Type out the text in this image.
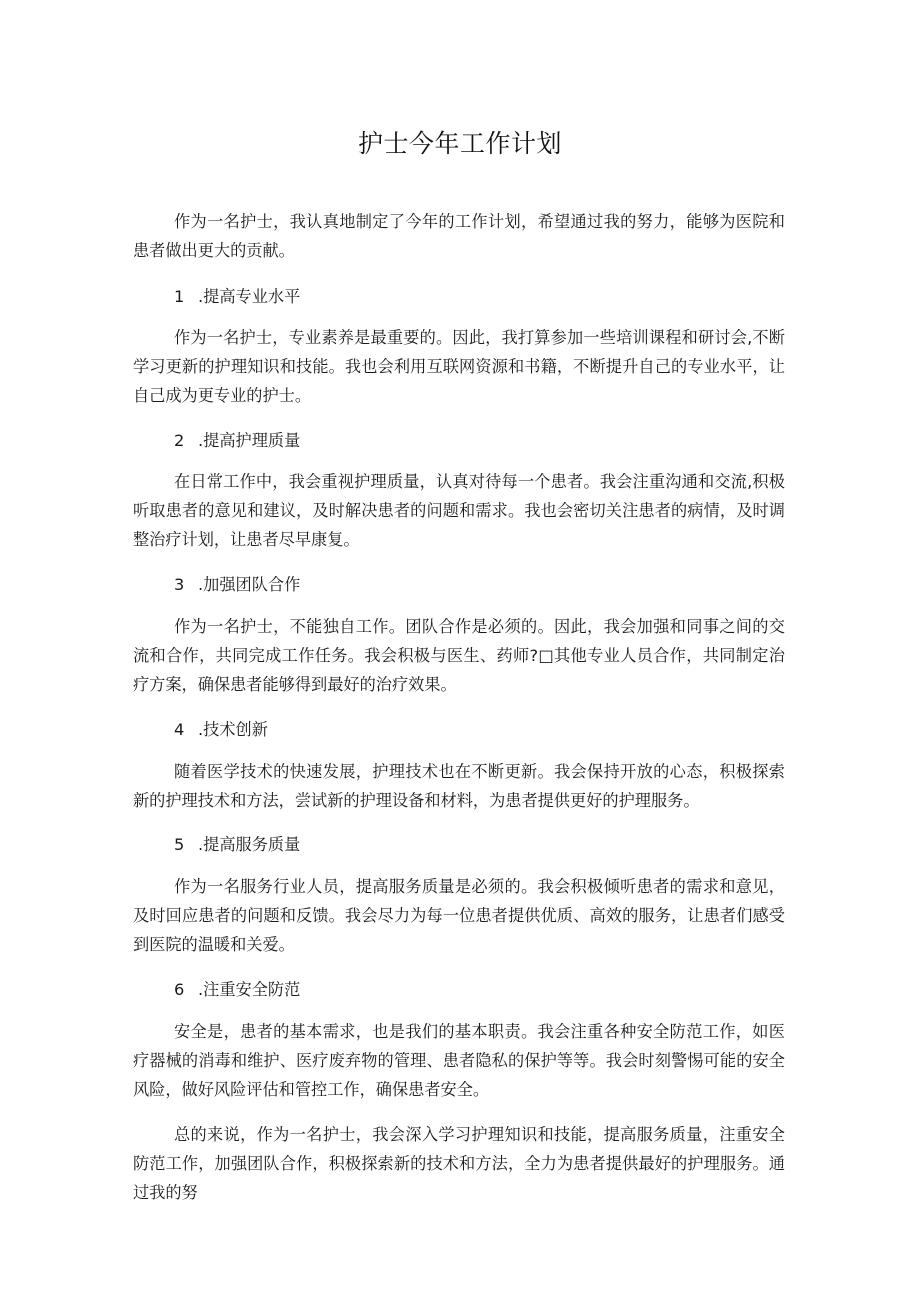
护士今年工作计划

作为一名护士，我认真地制定了今年的工作计划，希望通过我的努力，能够为医院和患者做出更大的贡献。

1 .提高专业水平

作为一名护士，专业素养是最重要的。因此，我打算参加一些培训课程和研讨会,不断学习更新的护理知识和技能。我也会利用互联网资源和书籍，不断提升自己的专业水平，让自己成为更专业的护士。

2 .提高护理质量

在日常工作中，我会重视护理质量，认真对待每一个患者。我会注重沟通和交流,积极听取患者的意见和建议，及时解决患者的问题和需求。我也会密切关注患者的病情，及时调整治疗计划，让患者尽早康复。

3 .加强团队合作

作为一名护士，不能独自工作。团队合作是必须的。因此，我会加强和同事之间的交流和合作，共同完成工作任务。我会积极与医生、药师?□其他专业人员合作，共同制定治疗方案，确保患者能够得到最好的治疗效果。

4 .技术创新

随着医学技术的快速发展，护理技术也在不断更新。我会保持开放的心态，积极探索新的护理技术和方法，尝试新的护理设备和材料，为患者提供更好的护理服务。

5 .提高服务质量

作为一名服务行业人员，提高服务质量是必须的。我会积极倾听患者的需求和意见，及时回应患者的问题和反馈。我会尽力为每一位患者提供优质、高效的服务，让患者们感受到医院的温暖和关爱。

6 .注重安全防范

安全是，患者的基本需求，也是我们的基本职责。我会注重各种安全防范工作，如医疗器械的消毒和维护、医疗废弃物的管理、患者隐私的保护等等。我会时刻警惕可能的安全风险，做好风险评估和管控工作，确保患者安全。

总的来说，作为一名护士，我会深入学习护理知识和技能，提高服务质量，注重安全防范工作，加强团队合作，积极探索新的技术和方法，全力为患者提供最好的护理服务。通过我的努
